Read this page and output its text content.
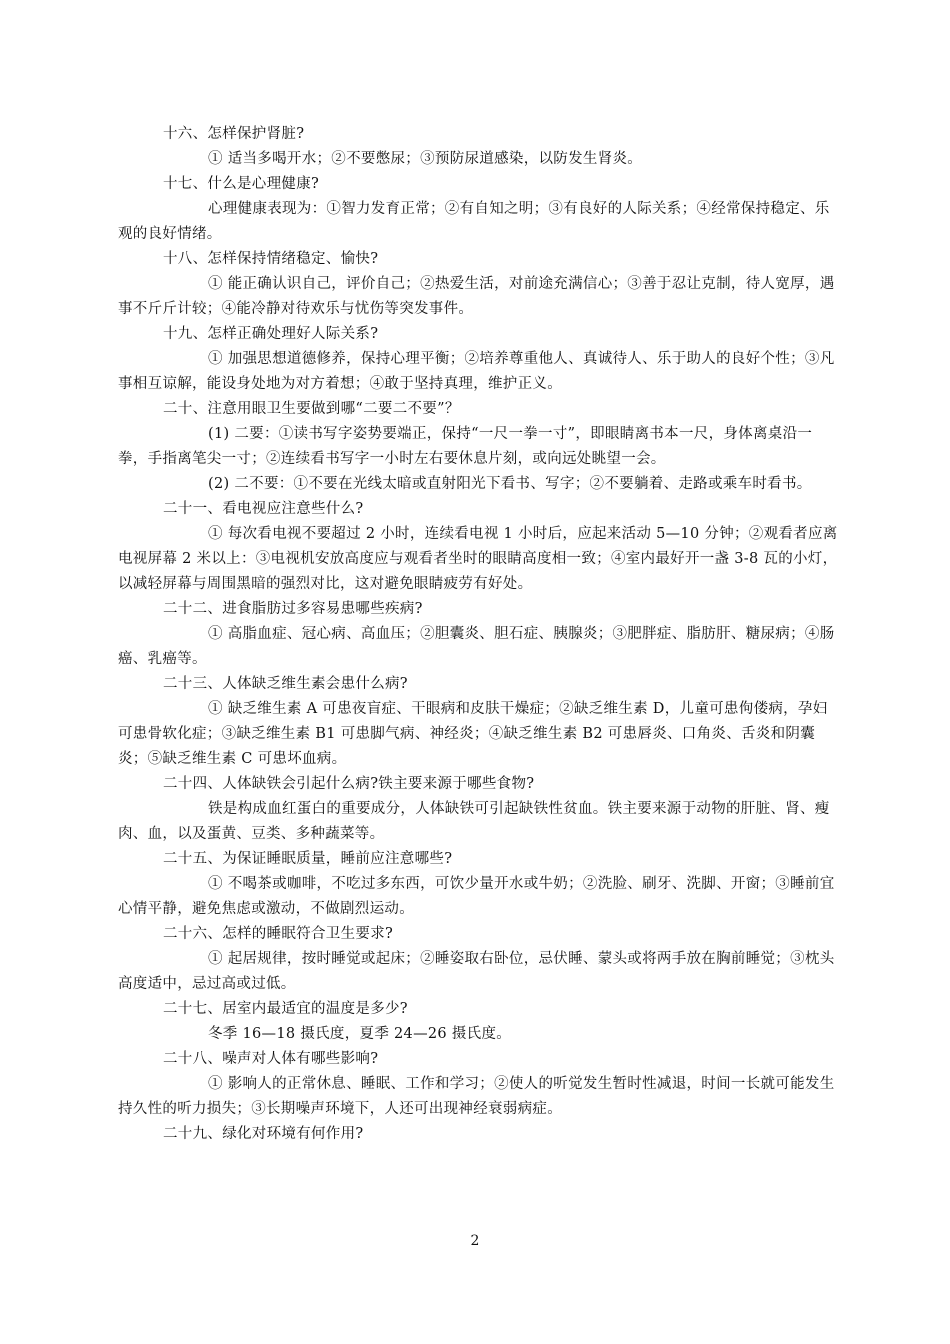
十六、怎样保护肾脏?

① 适当多喝开水；②不要憋尿；③预防尿道感染，以防发生肾炎。

十七、什么是心理健康?

心理健康表现为：①智力发育正常；②有自知之明；③有良好的人际关系；④经常保持稳定、乐观的良好情绪。

十八、怎样保持情绪稳定、愉快?

① 能正确认识自己，评价自己；②热爱生活，对前途充满信心；③善于忍让克制，待人宽厚，遇事不斤斤计较；④能冷静对待欢乐与忧伤等突发事件。

十九、怎样正确处理好人际关系?

① 加强思想道德修养，保持心理平衡；②培养尊重他人、真诚待人、乐于助人的良好个性；③凡事相互谅解，能设身处地为对方着想；④敢于坚持真理，维护正义。

二十、注意用眼卫生要做到哪“二要二不要”？

(1) 二要：①读书写字姿势要端正，保持“一尺一拳一寸”，即眼睛离书本一尺，身体离桌沿一拳，手指离笔尖一寸；②连续看书写字一小时左右要休息片刻，或向远处眺望一会。

(2) 二不要：①不要在光线太暗或直射阳光下看书、写字；②不要躺着、走路或乘车时看书。

二十一、看电视应注意些什么?

① 每次看电视不要超过 2 小时，连续看电视 1 小时后，应起来活动 5—10 分钟；②观看者应离电视屏幕 2 米以上：③电视机安放高度应与观看者坐时的眼睛高度相一致；④室内最好开一盏 3-8 瓦的小灯，以减轻屏幕与周围黑暗的强烈对比，这对避免眼睛疲劳有好处。

二十二、进食脂肪过多容易患哪些疾病?

① 高脂血症、冠心病、高血压；②胆囊炎、胆石症、胰腺炎；③肥胖症、脂肪肝、糖尿病；④肠癌、乳癌等。

二十三、人体缺乏维生素会患什么病?

① 缺乏维生素 A 可患夜盲症、干眼病和皮肤干燥症；②缺乏维生素 D，儿童可患佝偻病，孕妇可患骨软化症；③缺乏维生素 B1 可患脚气病、神经炎；④缺乏维生素 B2 可患唇炎、口角炎、舌炎和阴囊炎；⑤缺乏维生素 C 可患坏血病。

二十四、人体缺铁会引起什么病?铁主要来源于哪些食物?

铁是构成血红蛋白的重要成分，人体缺铁可引起缺铁性贫血。铁主要来源于动物的肝脏、肾、瘦肉、血，以及蛋黄、豆类、多种蔬菜等。

二十五、为保证睡眠质量，睡前应注意哪些?

① 不喝茶或咖啡，不吃过多东西，可饮少量开水或牛奶；②洗脸、刷牙、洗脚、开窗；③睡前宜心情平静，避免焦虑或激动，不做剧烈运动。

二十六、怎样的睡眠符合卫生要求?

① 起居规律，按时睡觉或起床；②睡姿取右卧位，忌伏睡、蒙头或将两手放在胸前睡觉；③枕头高度适中，忌过高或过低。

二十七、居室内最适宜的温度是多少?

冬季 16—18 摄氏度，夏季 24—26 摄氏度。

二十八、噪声对人体有哪些影响?

① 影响人的正常休息、睡眠、工作和学习；②使人的听觉发生暂时性减退，时间一长就可能发生持久性的听力损失；③长期噪声环境下，人还可出现神经衰弱病症。

二十九、绿化对环境有何作用?

2
